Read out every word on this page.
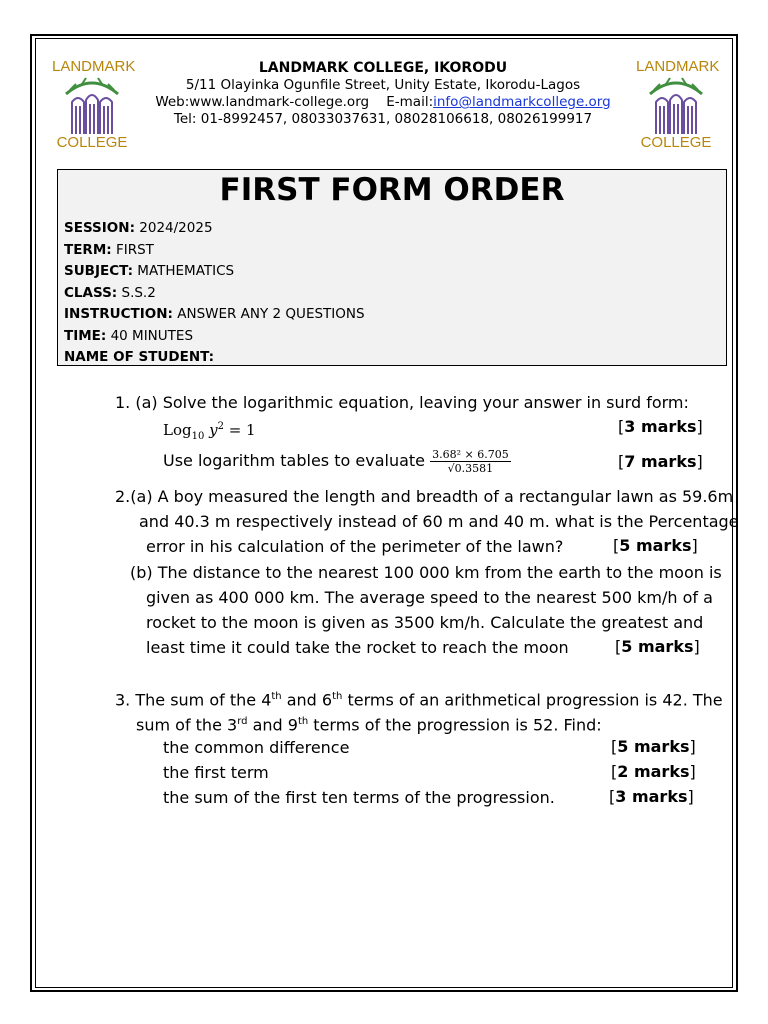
LANDMARK
COLLEGE
LANDMARK
COLLEGE
LANDMARK COLLEGE, IKORODU
5/11 Olayinka Ogunfile Street, Unity Estate, Ikorodu-Lagos
Web:www.landmark-college.org E-mail:info@landmarkcollege.org
Tel: 01-8992457, 08033037631, 08028106618, 08026199917
FIRST FORM ORDER
SESSION: 2024/2025
TERM: FIRST
SUBJECT: MATHEMATICS
CLASS: S.S.2
INSTRUCTION: ANSWER ANY 2 QUESTIONS
TIME: 40 MINUTES
NAME OF STUDENT:
1. (a) Solve the logarithmic equation, leaving your answer in surd form:
Log$_{10}$ $y^2 = 1$	[3 marks]
Use logarithm tables to evaluate $\frac{\text{3.68² × 6.705}}{√0.3581}$	[7 marks]
2.(a) A boy measured the length and breadth of a rectangular lawn as 59.6m
and 40.3 m respectively instead of 60 m and 40 m. what is the Percentage
error in his calculation of the perimeter of the lawn?	[5 marks]
(b) The distance to the nearest 100 000 km from the earth to the moon is
given as 400 000 km. The average speed to the nearest 500 km/h of a
rocket to the moon is given as 3500 km/h. Calculate the greatest and
least time it could take the rocket to reach the moon	[5 marks]
3. The sum of the 4th and 6th terms of an arithmetical progression is 42. The
sum of the 3rd and 9th terms of the progression is 52. Find:
the common difference	[5 marks]
the first term	[2 marks]
the sum of the first ten terms of the progression.	[3 marks]
